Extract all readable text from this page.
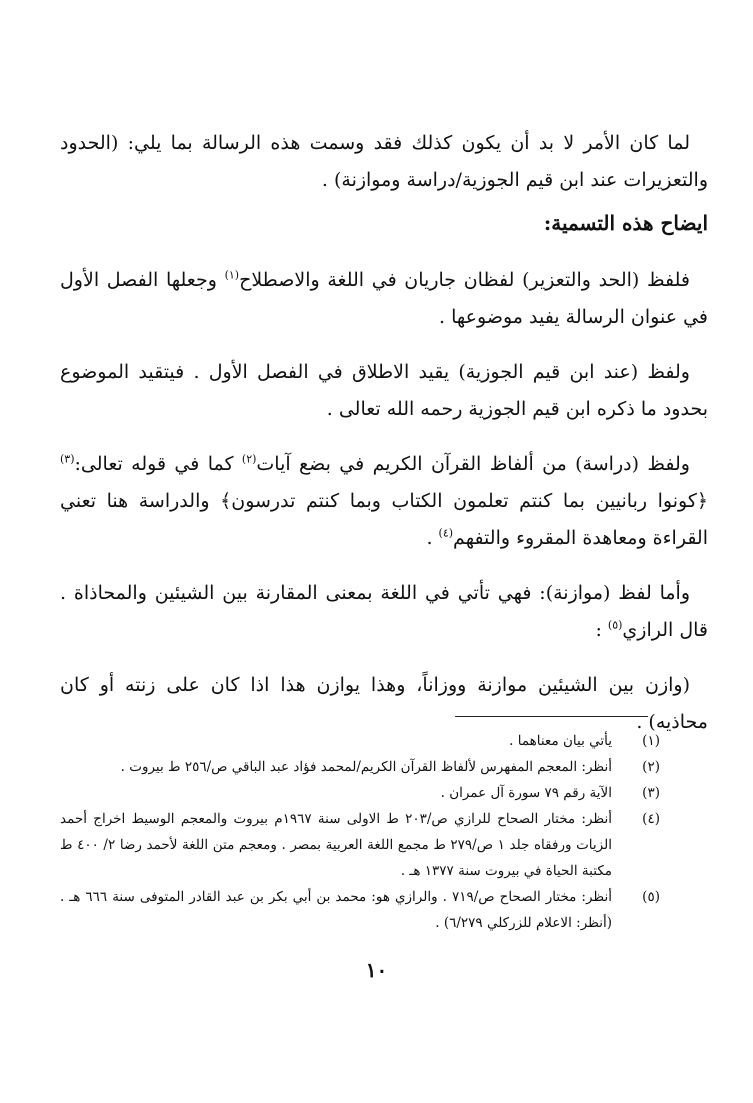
لما كان الأمر لا بد أن يكون كذلك فقد وسمت هذه الرسالة بما يلي: (الحدود والتعزيرات عند ابن قيم الجوزية/دراسة وموازنة) .

ايضاح هذه التسمية:

فلفظ (الحد والتعزير) لفظان جاريان في اللغة والاصطلاح$^{(١)}$ وجعلها الفصل الأول في عنوان الرسالة يفيد موضوعها .

ولفظ (عند ابن قيم الجوزية) يقيد الاطلاق في الفصل الأول . فيتقيد الموضوع بحدود ما ذكره ابن قيم الجوزية رحمه الله تعالى .

ولفظ (دراسة) من ألفاظ القرآن الكريم في بضع آيات$^{(٢)}$ كما في قوله تعالى:$^{(٣)}$ ﴿كونوا ربانيين بما كنتم تعلمون الكتاب وبما كنتم تدرسون﴾ والدراسة هنا تعني القراءة ومعاهدة المقروء والتفهم$^{(٤)}$ .

وأما لفظ (موازنة): فهي تأتي في اللغة بمعنى المقارنة بين الشيئين والمحاذاة . قال الرازي$^{(٥)}$ :

(وازن بين الشيئين موازنة ووزاناً، وهذا يوازن هذا اذا كان على زنته أو كان محاذيه) .

(١)
يأتي بيان معناهما .
(٢)
أنظر: المعجم المفهرس لألفاظ القرآن الكريم/لمحمد فؤاد عبد الباقي ص/٢٥٦ ط بيروت .
(٣)
الآية رقم ٧٩ سورة آل عمران .
(٤)
أنظر: مختار الصحاح للرازي ص/٢٠٣ ط الاولى سنة ١٩٦٧م بيروت والمعجم الوسيط اخراج أحمد الزيات ورفقاه جلد ١ ص/٢٧٩ ط مجمع اللغة العربية بمصر . ومعجم متن اللغة لأحمد رضا ٢/ ٤٠٠ ط مكتبة الحياة في بيروت سنة ١٣٧٧ هـ .
(٥)
أنظر: مختار الصحاح ص/٧١٩ . والرازي هو: محمد بن أبي بكر بن عبد القادر المتوفى سنة ٦٦٦ هـ . (أنظر: الاعلام للزركلي ٦/٢٧٩) .
١٠
